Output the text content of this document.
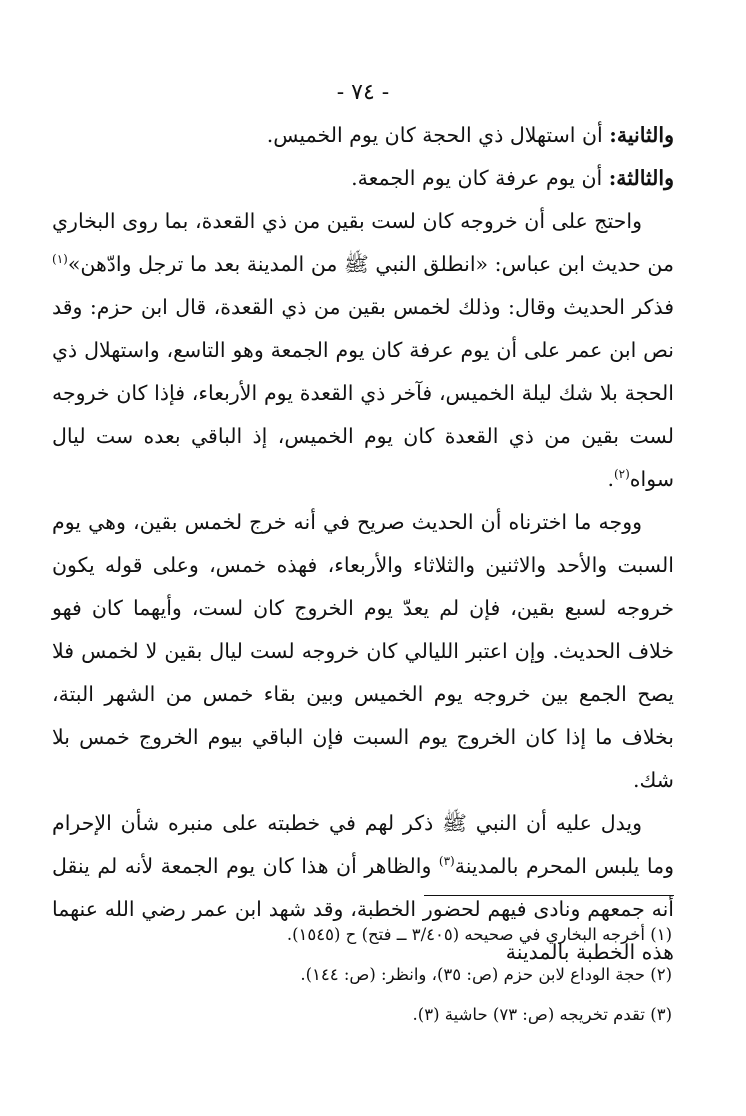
- ٧٤ -

والثانية: أن استهلال ذي الحجة كان يوم الخميس.

والثالثة: أن يوم عرفة كان يوم الجمعة.

واحتج على أن خروجه كان لست بقين من ذي القعدة، بما روى البخاري من حديث ابن عباس: «انطلق النبي ﷺ من المدينة بعد ما ترجل وادّهن»$^{(١)}$ فذكر الحديث وقال: وذلك لخمس بقين من ذي القعدة، قال ابن حزم: وقد نص ابن عمر على أن يوم عرفة كان يوم الجمعة وهو التاسع، واستهلال ذي الحجة بلا شك ليلة الخميس، فآخر ذي القعدة يوم الأربعاء، فإذا كان خروجه لست بقين من ذي القعدة كان يوم الخميس، إذ الباقي بعده ست ليال سواه$^{(٢)}$.

ووجه ما اخترناه أن الحديث صريح في أنه خرج لخمس بقين، وهي يوم السبت والأحد والاثنين والثلاثاء والأربعاء، فهذه خمس، وعلى قوله يكون خروجه لسبع بقين، فإن لم يعدّ يوم الخروج كان لست، وأيهما كان فهو خلاف الحديث. وإن اعتبر الليالي كان خروجه لست ليال بقين لا لخمس فلا يصح الجمع بين خروجه يوم الخميس وبين بقاء خمس من الشهر البتة، بخلاف ما إذا كان الخروج يوم السبت فإن الباقي بيوم الخروج خمس بلا شك.

ويدل عليه أن النبي ﷺ ذكر لهم في خطبته على منبره شأن الإحرام وما يلبس المحرم بالمدينة$^{(٣)}$ والظاهر أن هذا كان يوم الجمعة لأنه لم ينقل أنه جمعهم ونادى فيهم لحضور الخطبة، وقد شهد ابن عمر رضي الله عنهما هذه الخطبة بالمدينة

(١) أخرجه البخاري في صحيحه (٣/٤٠٥ ــ فتح) ح (١٥٤٥).

(٢) حجة الوداع لابن حزم (ص: ٣٥)، وانظر: (ص: ١٤٤).

(٣) تقدم تخريجه (ص: ٧٣) حاشية (٣).
